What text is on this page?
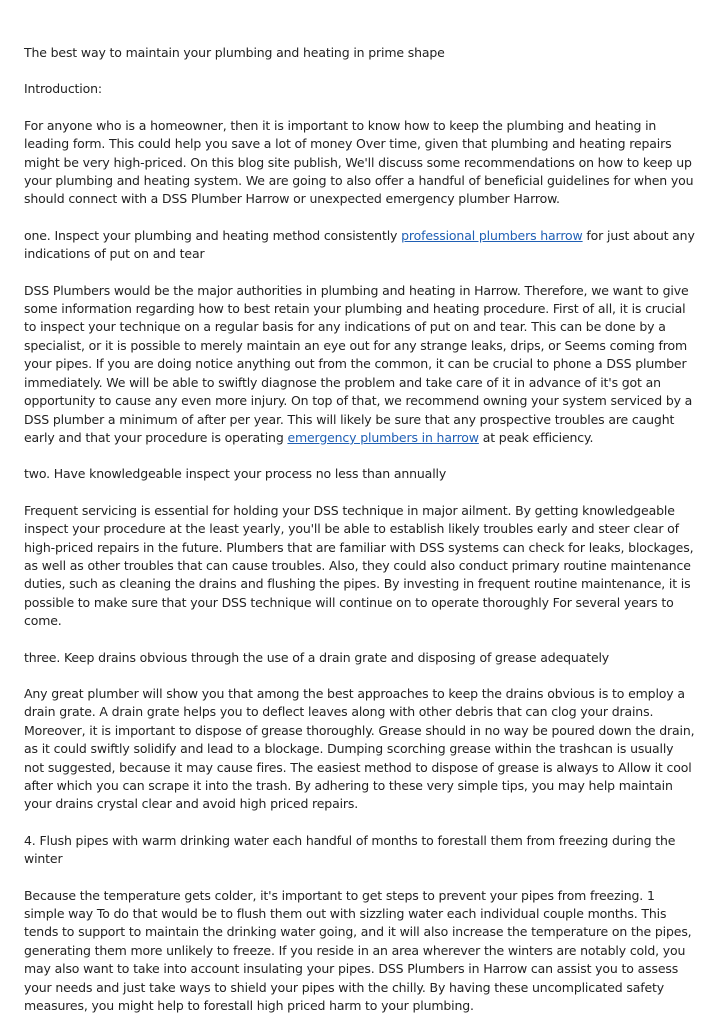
The best way to maintain your plumbing and heating in prime shape

Introduction:

For anyone who is a homeowner, then it is important to know how to keep the plumbing and heating in leading form. This could help you save a lot of money Over time, given that plumbing and heating repairs might be very high-priced. On this blog site publish, We'll discuss some recommendations on how to keep up your plumbing and heating system. We are going to also offer a handful of beneficial guidelines for when you should connect with a DSS Plumber Harrow or unexpected emergency plumber Harrow.

one. Inspect your plumbing and heating method consistently professional plumbers harrow for just about any indications of put on and tear

DSS Plumbers would be the major authorities in plumbing and heating in Harrow. Therefore, we want to give some information regarding how to best retain your plumbing and heating procedure. First of all, it is crucial to inspect your technique on a regular basis for any indications of put on and tear. This can be done by a specialist, or it is possible to merely maintain an eye out for any strange leaks, drips, or Seems coming from your pipes. If you are doing notice anything out from the common, it can be crucial to phone a DSS plumber immediately. We will be able to swiftly diagnose the problem and take care of it in advance of it's got an opportunity to cause any even more injury. On top of that, we recommend owning your system serviced by a DSS plumber a minimum of after per year. This will likely be sure that any prospective troubles are caught early and that your procedure is operating emergency plumbers in harrow at peak efficiency.

two. Have knowledgeable inspect your process no less than annually

Frequent servicing is essential for holding your DSS technique in major ailment. By getting knowledgeable inspect your procedure at the least yearly, you'll be able to establish likely troubles early and steer clear of high-priced repairs in the future. Plumbers that are familiar with DSS systems can check for leaks, blockages, as well as other troubles that can cause troubles. Also, they could also conduct primary routine maintenance duties, such as cleaning the drains and flushing the pipes. By investing in frequent routine maintenance, it is possible to make sure that your DSS technique will continue on to operate thoroughly For several years to come.

three. Keep drains obvious through the use of a drain grate and disposing of grease adequately

Any great plumber will show you that among the best approaches to keep the drains obvious is to employ a drain grate. A drain grate helps you to deflect leaves along with other debris that can clog your drains. Moreover, it is important to dispose of grease thoroughly. Grease should in no way be poured down the drain, as it could swiftly solidify and lead to a blockage. Dumping scorching grease within the trashcan is usually not suggested, because it may cause fires. The easiest method to dispose of grease is always to Allow it cool after which you can scrape it into the trash. By adhering to these very simple tips, you may help maintain your drains crystal clear and avoid high priced repairs.

4. Flush pipes with warm drinking water each handful of months to forestall them from freezing during the winter

Because the temperature gets colder, it's important to get steps to prevent your pipes from freezing. 1 simple way To do that would be to flush them out with sizzling water each individual couple months. This tends to support to maintain the drinking water going, and it will also increase the temperature on the pipes, generating them more unlikely to freeze. If you reside in an area wherever the winters are notably cold, you may also want to take into account insulating your pipes. DSS Plumbers in Harrow can assist you to assess your needs and just take ways to shield your pipes with the chilly. By having these uncomplicated safety measures, you might help to forestall high priced harm to your plumbing.
